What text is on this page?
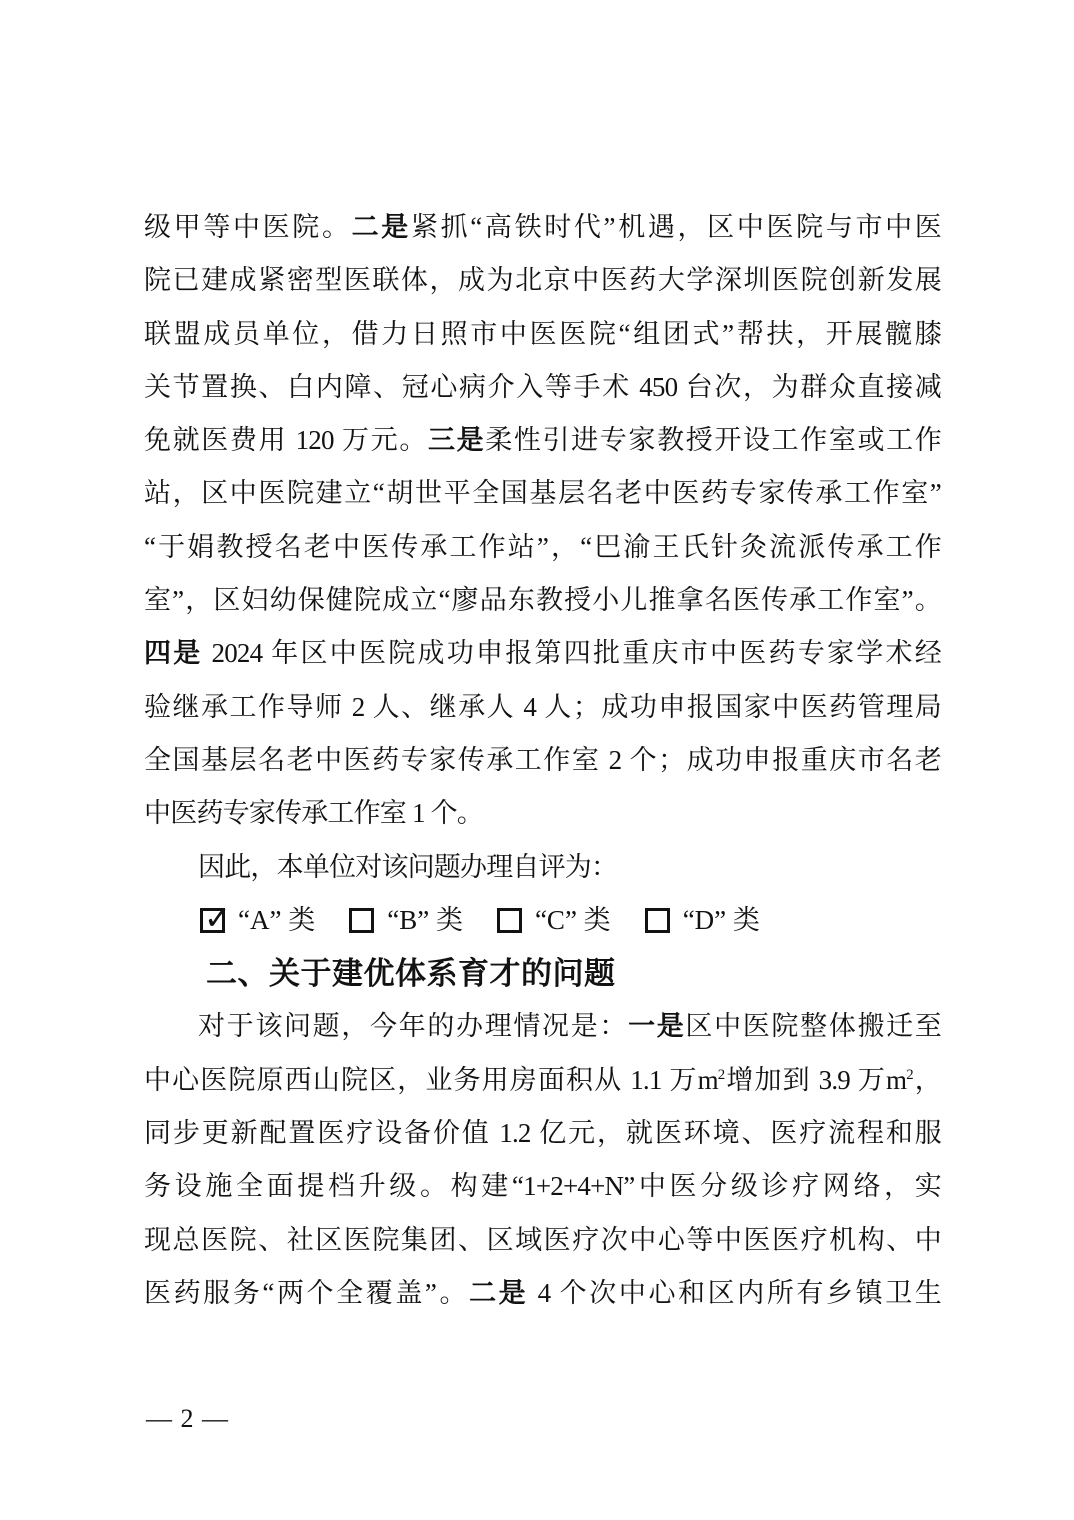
级甲等中医院。二是紧抓“高铁时代”机遇，区中医院与市中医
院已建成紧密型医联体，成为北京中医药大学深圳医院创新发展
联盟成员单位，借力日照市中医医院“组团式”帮扶，开展髋膝
关节置换、白内障、冠心病介入等手术 450 台次，为群众直接减
免就医费用 120 万元。三是柔性引进专家教授开设工作室或工作
站，区中医院建立“胡世平全国基层名老中医药专家传承工作室”
“于娟教授名老中医传承工作站”，“巴渝王氏针灸流派传承工作
室”，区妇幼保健院成立“廖品东教授小儿推拿名医传承工作室”。
四是 2024 年区中医院成功申报第四批重庆市中医药专家学术经
验继承工作导师 2 人、继承人 4 人；成功申报国家中医药管理局
全国基层名老中医药专家传承工作室 2 个；成功申报重庆市名老
中医药专家传承工作室 1 个。
因此，本单位对该问题办理自评为：
✓ “A” 类	“B” 类	“C” 类	“D” 类
二、关于建优体系育才的问题
对于该问题，今年的办理情况是：一是区中医院整体搬迁至
中心医院原西山院区，业务用房面积从 1.1 万$m^2$增加到 3.9 万$m^2$，
同步更新配置医疗设备价值 1.2 亿元，就医环境、医疗流程和服
务设施全面提档升级。构建“1+2+4+N”中医分级诊疗网络，实
现总医院、社区医院集团、区域医疗次中心等中医医疗机构、中
医药服务“两个全覆盖”。二是 4 个次中心和区内所有乡镇卫生
— 2 —
